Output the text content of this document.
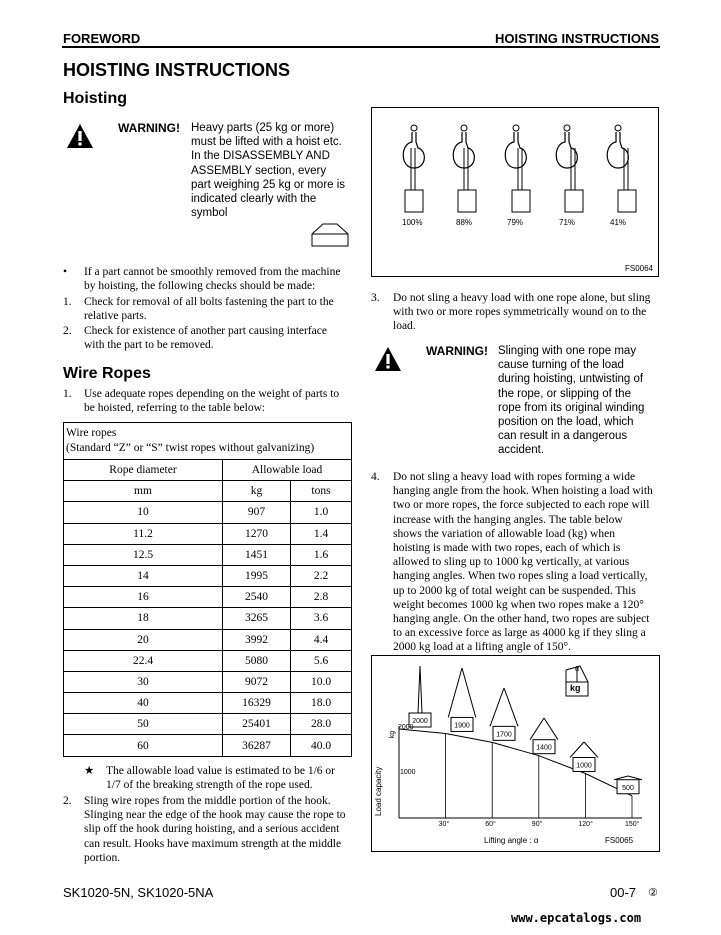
FOREWORD	HOISTING INSTRUCTIONS
HOISTING INSTRUCTIONS
Hoisting
WARNING! Heavy parts (25 kg or more)
must be lifted with a hoist etc.
In the DISASSEMBLY AND
ASSEMBLY section, every
part weighing 25 kg or more is
indicated clearly with the
symbol
• If a part cannot be smoothly removed from the machine
by hoisting, the following checks should be made:
1. Check for removal of all bolts fastening the part to the
relative parts.
2. Check for existence of another part causing interface
with the part to be removed.
Wire Ropes
1. Use adequate ropes depending on the weight of parts to
be hoisted, referring to the table below:
Wire ropes
(Standard “Z” or “S” twist ropes without galvanizing)		

Rope diameter	Allowable load	
mm	kg	tons
10	907	1.0
11.2	1270	1.4
12.5	1451	1.6
14	1995	2.2
16	2540	2.8
18	3265	3.6
20	3992	4.4
22.4	5080	5.6
30	9072	10.0
40	16329	18.0
50	25401	28.0
60	36287	40.0
★ The allowable load value is estimated to be 1/6 or
1/7 of the breaking strength of the rope used.
2. Sling wire ropes from the middle portion of the hook.
Slinging near the edge of the hook may cause the rope to
slip off the hook during hoisting, and a serious accident
can result. Hooks have maximum strength at the middle
portion.
100%	88%	79%	71%	41%
FS0064
3. Do not sling a heavy load with one rope alone, but sling
with two or more ropes symmetrically wound on to the
load.
WARNING! Slinging with one rope may
cause turning of the load
during hoisting, untwisting of
the rope, or slipping of the
rope from its original winding
position on the load, which
can result in a dangerous
accident.
4. Do not sling a heavy load with ropes forming a wide
hanging angle from the hook. When hoisting a load with
two or more ropes, the force subjected to each rope will
increase with the hanging angles. The table below
shows the variation of allowable load (kg) when
hoisting is made with two ropes, each of which is
allowed to sling up to 1000 kg vertically, at various
hanging angles. When two ropes sling a load vertically,
up to 2000 kg of total weight can be suspended. This
weight becomes 1000 kg when two ropes make a 120°
hanging angle. On the other hand, two ropes are subject
to an excessive force as large as 4000 kg if they sling a
2000 kg load at a lifting angle of 150°.
2000
1900
1700
1400
1000
500
α
kg
Load capacity
kg
2000
1000
30°	60°	90°	120°	150°
Lifting angle : α	FS0065
SK1020-5N, SK1020-5NA	00-7 ②
www.epcatalogs.com
